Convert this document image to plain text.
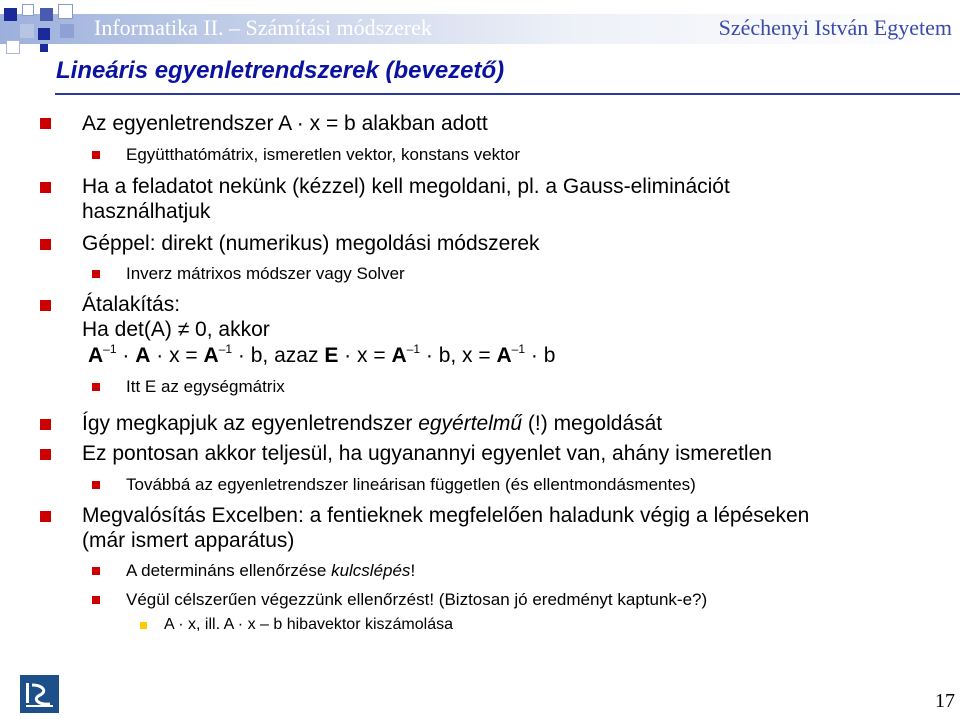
Informatika II. – Számítási módszerek	Széchenyi István Egyetem
Lineáris egyenletrendszerek (bevezető)
Az egyenletrendszer A · x = b alakban adott
Együtthatómátrix, ismeretlen vektor, konstans vektor
Ha a feladatot nekünk (kézzel) kell megoldani, pl. a Gauss-eliminációt
használhatjuk
Géppel: direkt (numerikus) megoldási módszerek
Inverz mátrixos módszer vagy Solver
Átalakítás:
Ha det(A) ≠ 0, akkor
$A^{-1} \cdot A \cdot x = A^{-1} \cdot b$, azaz $E \cdot x = A^{-1} \cdot b$, $x = A^{-1} \cdot b$
Itt E az egységmátrix
Így megkapjuk az egyenletrendszer egyértelmű (!) megoldását
Ez pontosan akkor teljesül, ha ugyanannyi egyenlet van, ahány ismeretlen
Továbbá az egyenletrendszer lineárisan független (és ellentmondásmentes)
Megvalósítás Excelben: a fentieknek megfelelően haladunk végig a lépéseken
(már ismert apparátus)
A determináns ellenőrzése kulcslépés!
Végül célszerűen végezzünk ellenőrzést! (Biztosan jó eredményt kaptunk-e?)
A · x, ill. A · x – b hibavektor kiszámolása
17
